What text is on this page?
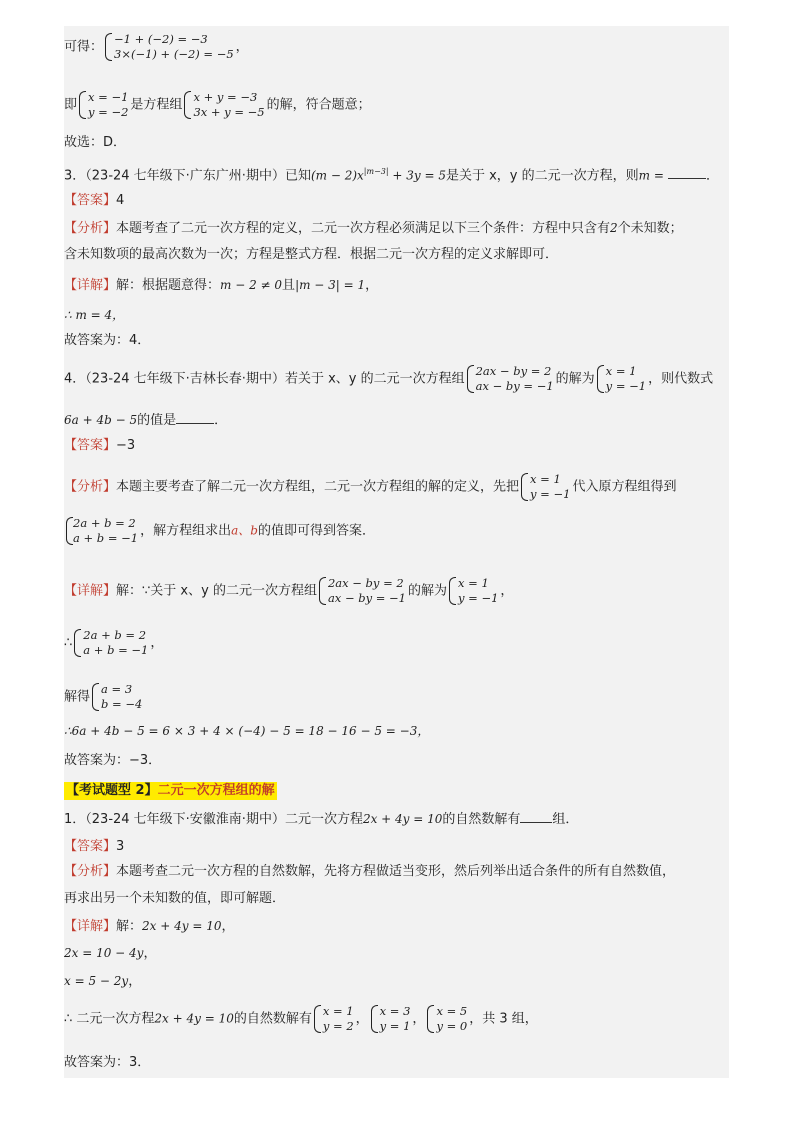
可得：
−1 + (−2) = −3
3×(−1) + (−2) = −5 ，
即
x = −1
y = −2 是方程组
x + y = −3
3x + y = −5 的解，符合题意；
故选：D．
3．（23-24 七年级下·广东广州·期中）已知$(m - 2)x^{|m-3|} + 3y = 5$是关于 x，y 的二元一次方程，则m =	．
【答案】4
【分析】本题考查了二元一次方程的定义，二元一次方程必须满足以下三个条件：方程中只含有2个未知数；
含未知数项的最高次数为一次；方程是整式方程．根据二元一次方程的定义求解即可．
【详解】解：根据题意得：m − 2 ≠ 0且|m − 3| = 1，
∴ m = 4，
故答案为：4．
4．（23-24 七年级下·吉林长春·期中）若关于 x、y 的二元一次方程组
2ax − by = 2
ax − by = −1 的解为
x = 1
y = −1 ，则代数式
6a + 4b − 5的值是	．
【答案】−3
【分析】本题主要考查了解二元一次方程组，二元一次方程组的解的定义，先把
x = 1
y = −1 代入原方程组得到
2a + b = 2
a + b = −1 ，解方程组求出a、b的值即可得到答案．
【详解】解：∵关于 x、y 的二元一次方程组
2ax − by = 2
ax − by = −1 的解为
x = 1
y = −1 ，
∴
2a + b = 2
a + b = −1 ，
解得
a = 3
b = −4
∴6a + 4b − 5 = 6 × 3 + 4 × (−4) − 5 = 18 − 16 − 5 = −3，
故答案为：−3．
【考试题型 2】二元一次方程组的解
1．（23-24 七年级下·安徽淮南·期中）二元一次方程2x + 4y = 10的自然数解有 组．
【答案】3
【分析】本题考查二元一次方程的自然数解，先将方程做适当变形，然后列举出适合条件的所有自然数值，
再求出另一个未知数的值，即可解题．
【详解】解：2x + 4y = 10，
2x = 10 − 4y，
x = 5 − 2y，
∴ 二元一次方程2x + 4y = 10的自然数解有
x = 1
y = 2 ，
x = 3
y = 1 ，
x = 5
y = 0 ，共 3 组，
故答案为：3．
